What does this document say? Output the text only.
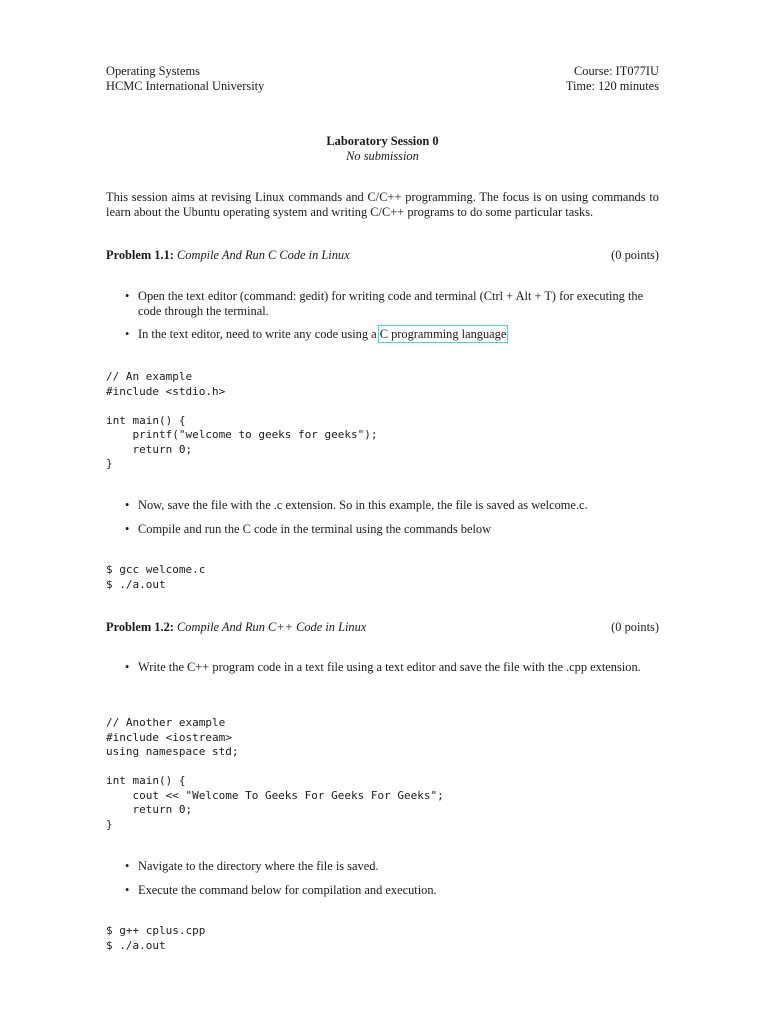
Operating Systems
HCMC International University
Course: IT077IU
Time: 120 minutes
Laboratory Session 0
No submission
This session aims at revising Linux commands and C/C++ programming. The focus is on using commands to learn about the Ubuntu operating system and writing C/C++ programs to do some particular tasks.
Problem 1.1: Compile And Run C Code in Linux	(0 points)
• Open the text editor (command: gedit) for writing code and terminal (Ctrl + Alt + T) for executing the code through the terminal.
• In the text editor, need to write any code using a C programming language
// An example
#include <stdio.h>

int main() {
printf("welcome to geeks for geeks");
return 0;
}
• Now, save the file with the .c extension. So in this example, the file is saved as welcome.c.
• Compile and run the C code in the terminal using the commands below
$ gcc welcome.c
$ ./a.out
Problem 1.2: Compile And Run C++ Code in Linux	(0 points)
• Write the C++ program code in a text file using a text editor and save the file with the .cpp extension.
// Another example
#include <iostream>
using namespace std;

int main() {
cout << "Welcome To Geeks For Geeks For Geeks";
return 0;
}
• Navigate to the directory where the file is saved.
• Execute the command below for compilation and execution.
$ g++ cplus.cpp
$ ./a.out
